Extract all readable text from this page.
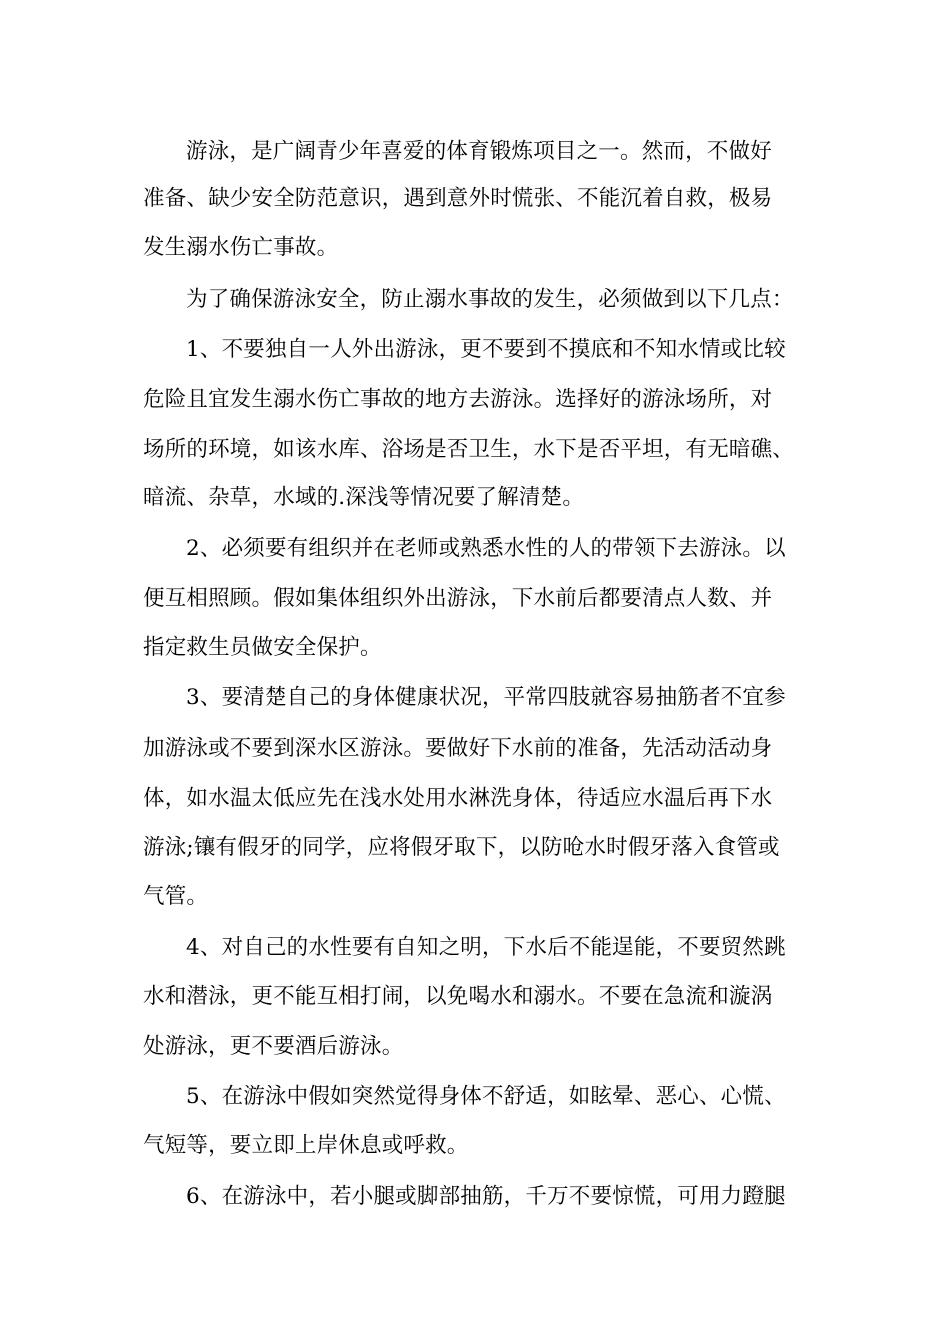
游泳，是广阔青少年喜爱的体育锻炼项目之一。然而，不做好
准备、缺少安全防范意识，遇到意外时慌张、不能沉着自救，极易
发生溺水伤亡事故。
为了确保游泳安全，防止溺水事故的发生，必须做到以下几点：
1、不要独自一人外出游泳，更不要到不摸底和不知水情或比较
危险且宜发生溺水伤亡事故的地方去游泳。选择好的游泳场所，对
场所的环境，如该水库、浴场是否卫生，水下是否平坦，有无暗礁、
暗流、杂草，水域的.深浅等情况要了解清楚。
2、必须要有组织并在老师或熟悉水性的人的带领下去游泳。以
便互相照顾。假如集体组织外出游泳，下水前后都要清点人数、并
指定救生员做安全保护。
3、要清楚自己的身体健康状况，平常四肢就容易抽筋者不宜参
加游泳或不要到深水区游泳。要做好下水前的准备，先活动活动身
体，如水温太低应先在浅水处用水淋洗身体，待适应水温后再下水
游泳;镶有假牙的同学，应将假牙取下，以防呛水时假牙落入食管或
气管。
4、对自己的水性要有自知之明，下水后不能逞能，不要贸然跳
水和潜泳，更不能互相打闹，以免喝水和溺水。不要在急流和漩涡
处游泳，更不要酒后游泳。
5、在游泳中假如突然觉得身体不舒适，如眩晕、恶心、心慌、
气短等，要立即上岸休息或呼救。
6、在游泳中，若小腿或脚部抽筋，千万不要惊慌，可用力蹬腿
